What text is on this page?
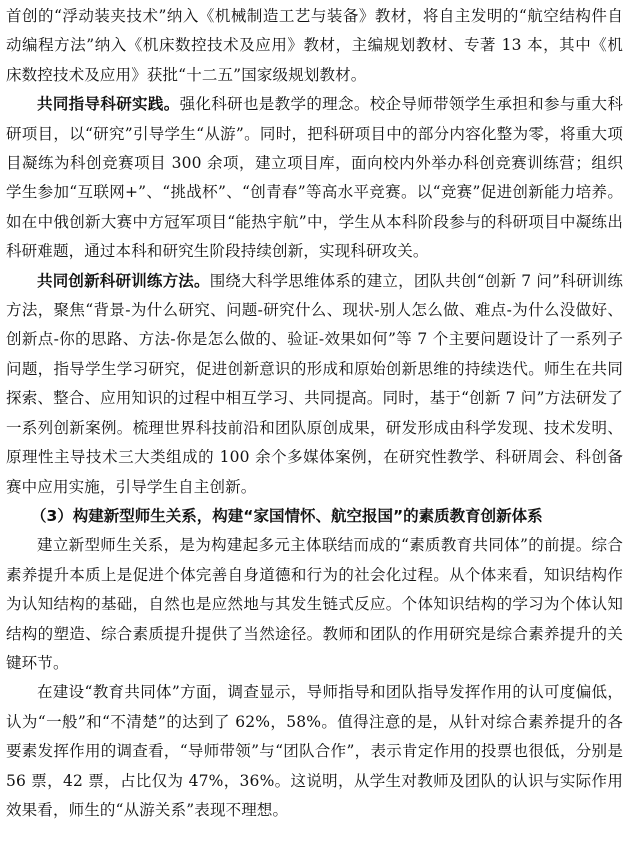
首创的“浮动装夹技术”纳入《机械制造工艺与装备》教材，将自主发明的“航空结构件自动编程方法”纳入《机床数控技术及应用》教材，主编规划教材、专著 13 本，其中《机床数控技术及应用》获批“十二五”国家级规划教材。

共同指导科研实践。强化科研也是教学的理念。校企导师带领学生承担和参与重大科研项目，以“研究”引导学生“从游”。同时，把科研项目中的部分内容化整为零，将重大项目凝练为科创竞赛项目 300 余项，建立项目库，面向校内外举办科创竞赛训练营；组织学生参加“互联网+”、“挑战杯”、“创青春”等高水平竞赛。以“竞赛”促进创新能力培养。如在中俄创新大赛中方冠军项目“能热宇航”中，学生从本科阶段参与的科研项目中凝练出科研难题，通过本科和研究生阶段持续创新，实现科研攻关。

共同创新科研训练方法。围绕大科学思维体系的建立，团队共创“创新 7 问”科研训练方法，聚焦“背景-为什么研究、问题-研究什么、现状-别人怎么做、难点-为什么没做好、创新点-你的思路、方法-你是怎么做的、验证-效果如何”等 7 个主要问题设计了一系列子问题，指导学生学习研究，促进创新意识的形成和原始创新思维的持续迭代。师生在共同探索、整合、应用知识的过程中相互学习、共同提高。同时，基于“创新 7 问”方法研发了一系列创新案例。梳理世界科技前沿和团队原创成果，研发形成由科学发现、技术发明、原理性主导技术三大类组成的 100 余个多媒体案例，在研究性教学、科研周会、科创备赛中应用实施，引导学生自主创新。

（3）构建新型师生关系，构建“家国情怀、航空报国”的素质教育创新体系

建立新型师生关系，是为构建起多元主体联结而成的“素质教育共同体”的前提。综合素养提升本质上是促进个体完善自身道德和行为的社会化过程。从个体来看，知识结构作为认知结构的基础，自然也是应然地与其发生链式反应。个体知识结构的学习为个体认知结构的塑造、综合素质提升提供了当然途径。教师和团队的作用研究是综合素养提升的关键环节。

在建设“教育共同体”方面，调查显示，导师指导和团队指导发挥作用的认可度偏低，认为“一般”和“不清楚”的达到了 62%，58%。值得注意的是，从针对综合素养提升的各要素发挥作用的调查看，“导师带领”与“团队合作”，表示肯定作用的投票也很低，分别是 56 票，42 票，占比仅为 47%，36%。这说明，从学生对教师及团队的认识与实际作用效果看，师生的“从游关系”表现不理想。
